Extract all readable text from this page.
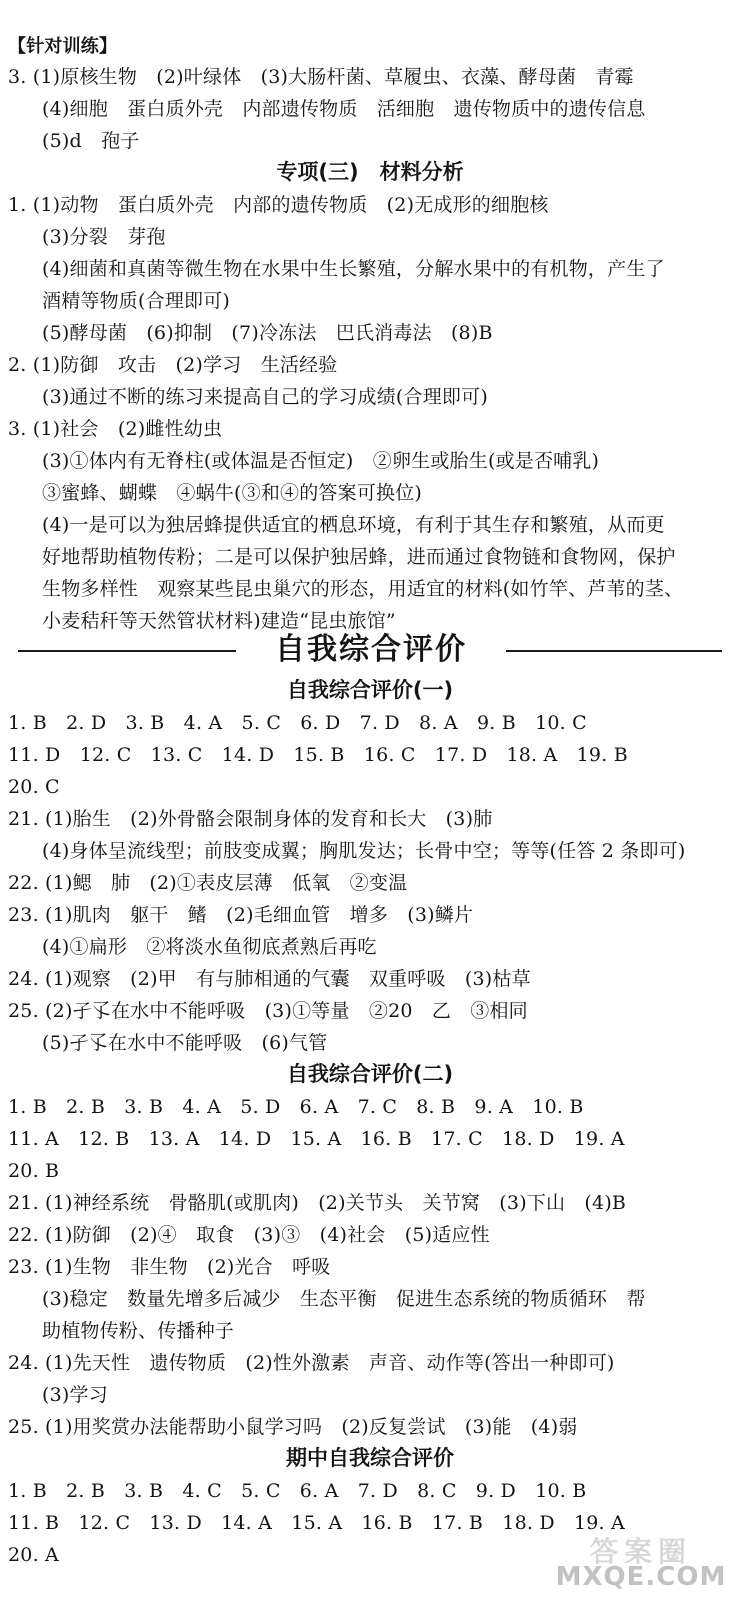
【针对训练】
3. (1)原核生物　(2)叶绿体　(3)大肠杆菌、草履虫、衣藻、酵母菌　青霉
(4)细胞　蛋白质外壳　内部遗传物质　活细胞　遗传物质中的遗传信息
(5)d　孢子
专项(三)　材料分析
1. (1)动物　蛋白质外壳　内部的遗传物质　(2)无成形的细胞核
(3)分裂　芽孢
(4)细菌和真菌等微生物在水果中生长繁殖，分解水果中的有机物，产生了
酒精等物质(合理即可)
(5)酵母菌　(6)抑制　(7)冷冻法　巴氏消毒法　(8)B
2. (1)防御　攻击　(2)学习　生活经验
(3)通过不断的练习来提高自己的学习成绩(合理即可)
3. (1)社会　(2)雌性幼虫
(3)①体内有无脊柱(或体温是否恒定)　②卵生或胎生(或是否哺乳)
③蜜蜂、蝴蝶　④蜗牛(③和④的答案可换位)
(4)一是可以为独居蜂提供适宜的栖息环境，有利于其生存和繁殖，从而更
好地帮助植物传粉；二是可以保护独居蜂，进而通过食物链和食物网，保护
生物多样性　观察某些昆虫巢穴的形态，用适宜的材料(如竹竿、芦苇的茎、
小麦秸秆等天然管状材料)建造“昆虫旅馆”
自我综合评价
自我综合评价(一)
1. B　2. D　3. B　4. A　5. C　6. D　7. D　8. A　9. B　10. C
11. D　12. C　13. C　14. D　15. B　16. C　17. D　18. A　19. B
20. C
21. (1)胎生　(2)外骨骼会限制身体的发育和长大　(3)肺
(4)身体呈流线型；前肢变成翼；胸肌发达；长骨中空；等等(任答 2 条即可)
22. (1)鳃　肺　(2)①表皮层薄　低氧　②变温
23. (1)肌肉　躯干　鳍　(2)毛细血管　增多　(3)鳞片
(4)①扁形　②将淡水鱼彻底煮熟后再吃
24. (1)观察　(2)甲　有与肺相通的气囊　双重呼吸　(3)枯草
25. (2)孑孓在水中不能呼吸　(3)①等量　②20　乙　③相同
(5)孑孓在水中不能呼吸　(6)气管
自我综合评价(二)
1. B　2. B　3. B　4. A　5. D　6. A　7. C　8. B　9. A　10. B
11. A　12. B　13. A　14. D　15. A　16. B　17. C　18. D　19. A
20. B
21. (1)神经系统　骨骼肌(或肌肉)　(2)关节头　关节窝　(3)下山　(4)B
22. (1)防御　(2)④　取食　(3)③　(4)社会　(5)适应性
23. (1)生物　非生物　(2)光合　呼吸
(3)稳定　数量先增多后减少　生态平衡　促进生态系统的物质循环　帮
助植物传粉、传播种子
24. (1)先天性　遗传物质　(2)性外激素　声音、动作等(答出一种即可)
(3)学习
25. (1)用奖赏办法能帮助小鼠学习吗　(2)反复尝试　(3)能　(4)弱
期中自我综合评价
1. B　2. B　3. B　4. C　5. C　6. A　7. D　8. C　9. D　10. B
11. B　12. C　13. D　14. A　15. A　16. B　17. B　18. D　19. A
20. A	答案圈
MXQE.COM
